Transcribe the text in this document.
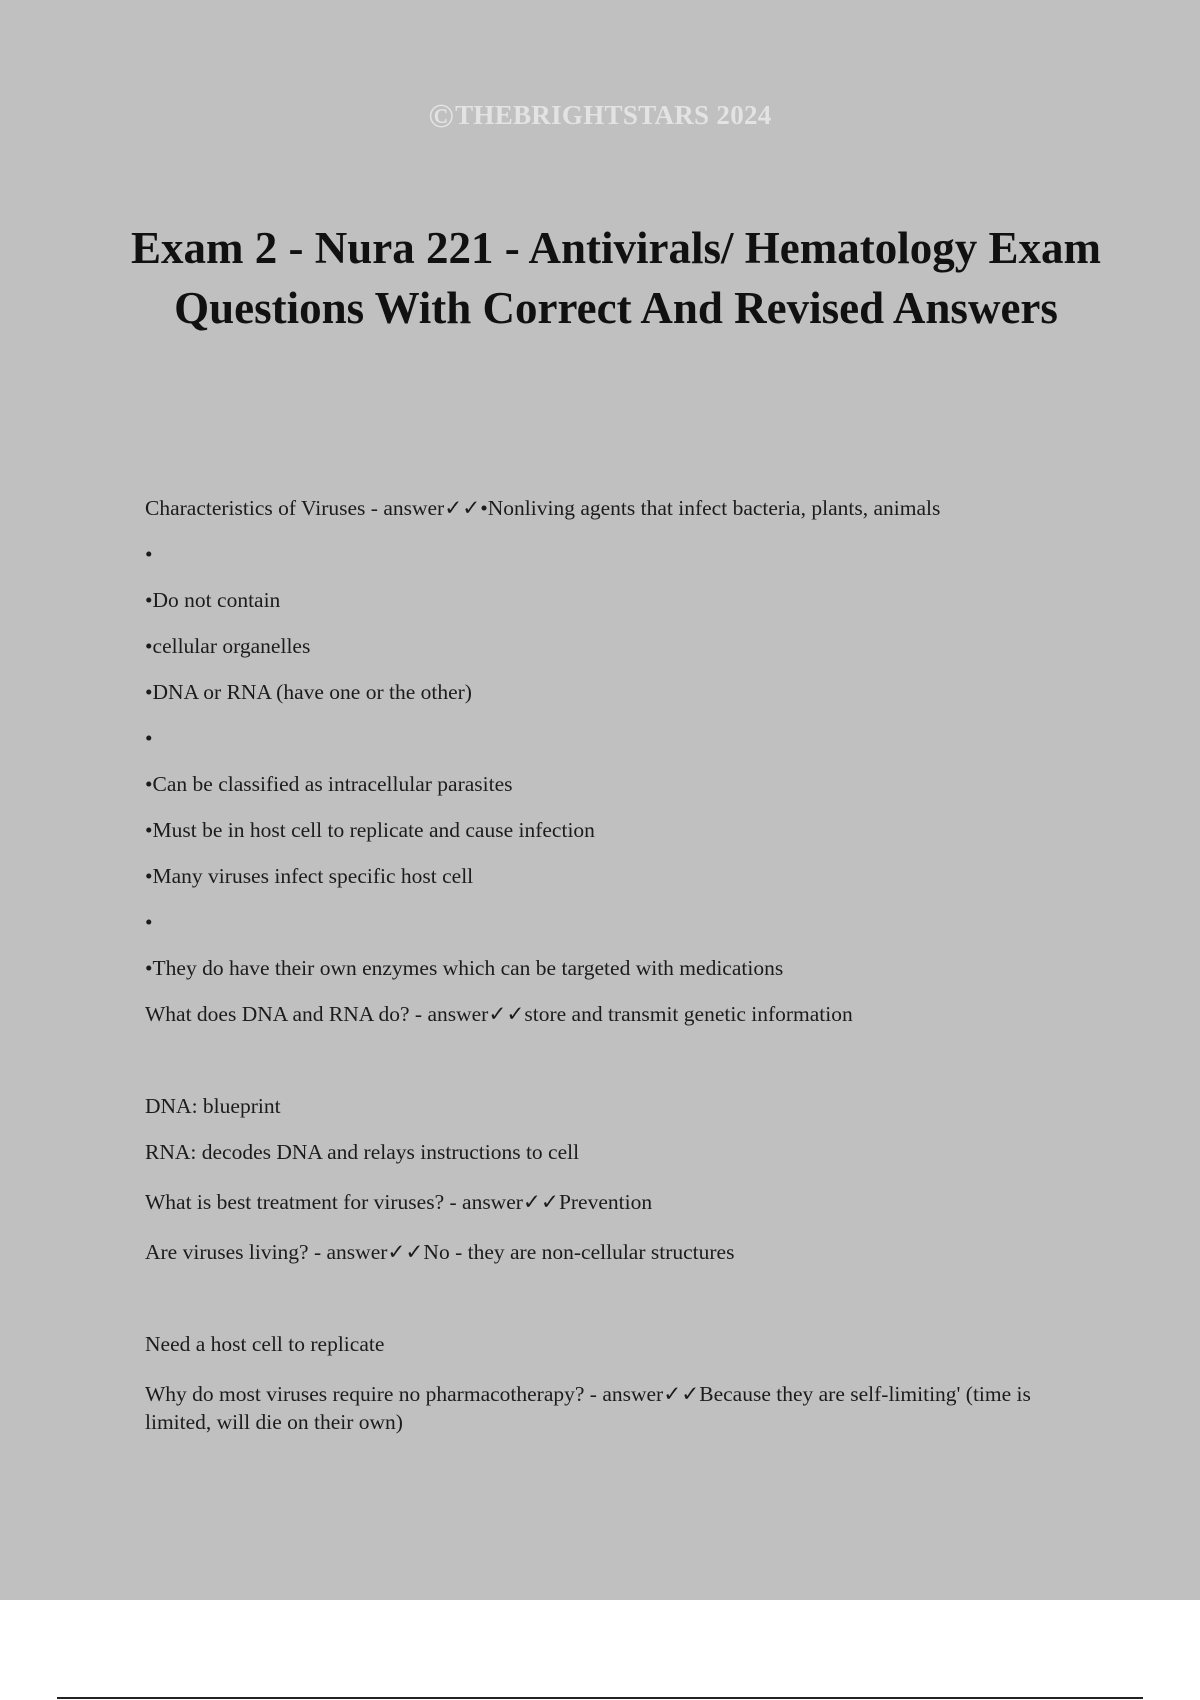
©THEBRIGHTSTARS 2024
Exam 2 - Nura 221 - Antivirals/ Hematology Exam Questions With Correct And Revised Answers

Characteristics of Viruses - answer✓✓•Nonliving agents that infect bacteria, plants, animals

•

•Do not contain

•cellular organelles

•DNA or RNA (have one or the other)

•

•Can be classified as intracellular parasites

•Must be in host cell to replicate and cause infection

•Many viruses infect specific host cell

•

•They do have their own enzymes which can be targeted with medications

What does DNA and RNA do? - answer✓✓store and transmit genetic information

DNA: blueprint

RNA: decodes DNA and relays instructions to cell

What is best treatment for viruses? - answer✓✓Prevention

Are viruses living? - answer✓✓No - they are non-cellular structures

Need a host cell to replicate

Why do most viruses require no pharmacotherapy? - answer✓✓Because they are self-limiting' (time is limited, will die on their own)
